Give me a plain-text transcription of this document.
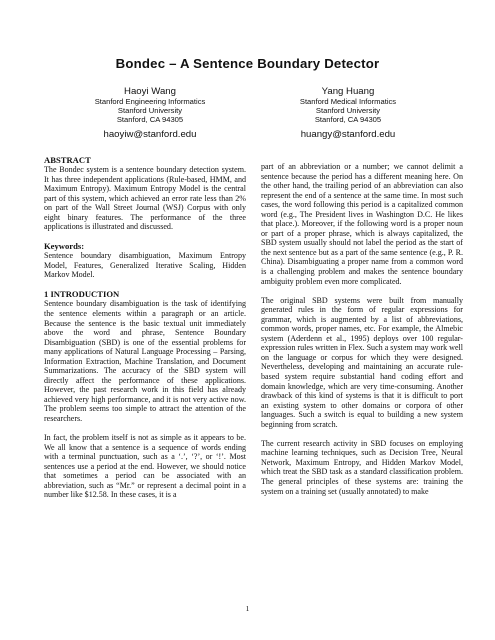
Bondec – A Sentence Boundary Detector
Haoyi Wang
Stanford Engineering Informatics
Stanford University
Stanford, CA 94305
haoyiw@stanford.edu
Yang Huang
Stanford Medical Informatics
Stanford University
Stanford, CA 94305
huangy@stanford.edu
ABSTRACT

The Bondec system is a sentence boundary detection system. It has three independent applications (Rule-based, HMM, and Maximum Entropy). Maximum Entropy Model is the central part of this system, which achieved an error rate less than 2% on part of the Wall Street Journal (WSJ) Corpus with only eight binary features. The performance of the three applications is illustrated and discussed.

Keywords:

Sentence boundary disambiguation, Maximum Entropy Model, Features, Generalized Iterative Scaling, Hidden Markov Model.

1 INTRODUCTION

Sentence boundary disambiguation is the task of identifying the sentence elements within a paragraph or an article. Because the sentence is the basic textual unit immediately above the word and phrase, Sentence Boundary Disambiguation (SBD) is one of the essential problems for many applications of Natural Language Processing – Parsing, Information Extraction, Machine Translation, and Document Summarizations. The accuracy of the SBD system will directly affect the performance of these applications. However, the past research work in this field has already achieved very high performance, and it is not very active now. The problem seems too simple to attract the attention of the researchers.

In fact, the problem itself is not as simple as it appears to be. We all know that a sentence is a sequence of words ending with a terminal punctuation, such as a ‘.’, ‘?’, or ‘!’. Most sentences use a period at the end. However, we should notice that sometimes a period can be associated with an abbreviation, such as “Mr.” or represent a decimal point in a number like $12.58. In these cases, it is a

part of an abbreviation or a number; we cannot delimit a sentence because the period has a different meaning here. On the other hand, the trailing period of an abbreviation can also represent the end of a sentence at the same time. In most such cases, the word following this period is a capitalized common word (e.g., The President lives in Washington D.C. He likes that place.). Moreover, if the following word is a proper noun or part of a proper phrase, which is always capitalized, the SBD system usually should not label the period as the start of the next sentence but as a part of the same sentence (e.g., P. R. China). Disambiguating a proper name from a common word is a challenging problem and makes the sentence boundary ambiguity problem even more complicated.

The original SBD systems were built from manually generated rules in the form of regular expressions for grammar, which is augmented by a list of abbreviations, common words, proper names, etc. For example, the Almebic system (Aderdenn et al., 1995) deploys over 100 regular-expression rules written in Flex. Such a system may work well on the language or corpus for which they were designed. Nevertheless, developing and maintaining an accurate rule-based system require substantial hand coding effort and domain knowledge, which are very time-consuming. Another drawback of this kind of systems is that it is difficult to port an existing system to other domains or corpora of other languages. Such a switch is equal to building a new system beginning from scratch.

The current research activity in SBD focuses on employing machine learning techniques, such as Decision Tree, Neural Network, Maximum Entropy, and Hidden Markov Model, which treat the SBD task as a standard classification problem. The general principles of these systems are: training the system on a training set (usually annotated) to make

1
